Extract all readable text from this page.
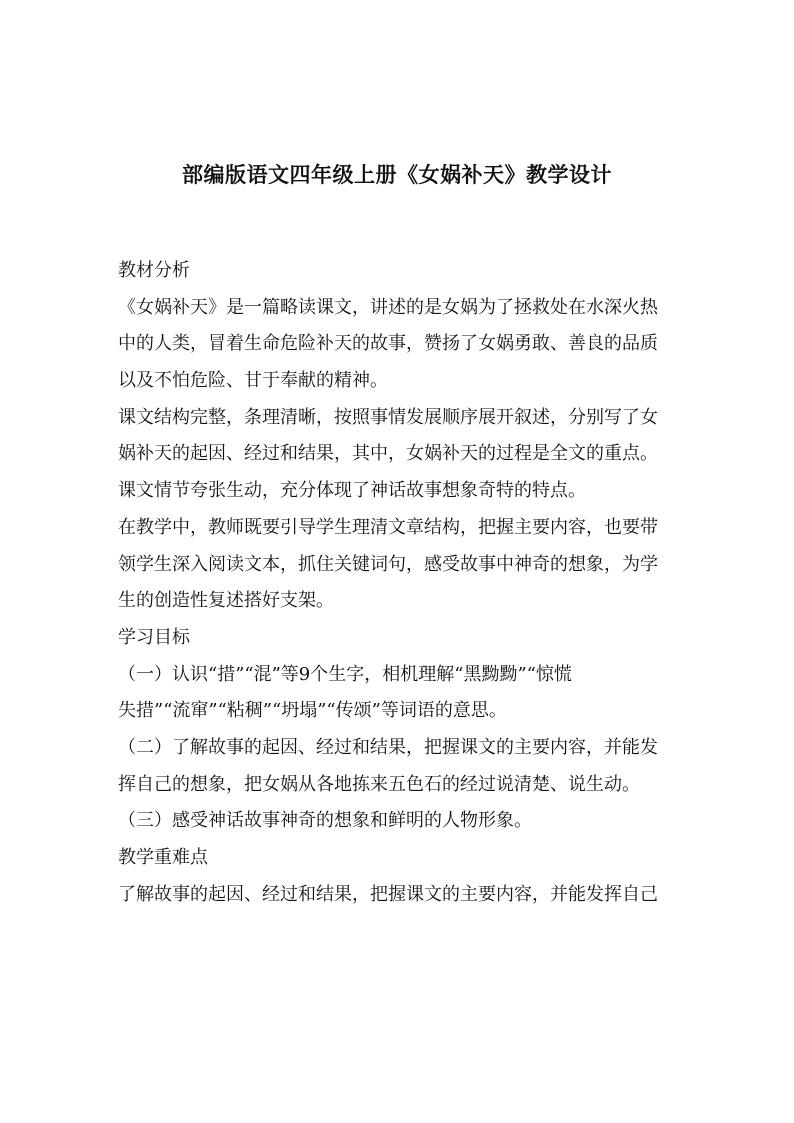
部编版语文四年级上册《女娲补天》教学设计
教材分析
《女娲补天》是一篇略读课文，讲述的是女娲为了拯救处在水深火热
中的人类，冒着生命危险补天的故事，赞扬了女娲勇敢、善良的品质
以及不怕危险、甘于奉献的精神。
课文结构完整，条理清晰，按照事情发展顺序展开叙述，分别写了女
娲补天的起因、经过和结果，其中，女娲补天的过程是全文的重点。
课文情节夸张生动，充分体现了神话故事想象奇特的特点。
在教学中，教师既要引导学生理清文章结构，把握主要内容，也要带
领学生深入阅读文本，抓住关键词句，感受故事中神奇的想象，为学
生的创造性复述搭好支架。
学习目标
（一）认识“措”“混”等9个生字，相机理解“黑黝黝”“惊慌
失措”“流窜”“粘稠”“坍塌”“传颂”等词语的意思。
（二）了解故事的起因、经过和结果，把握课文的主要内容，并能发
挥自己的想象，把女娲从各地拣来五色石的经过说清楚、说生动。
（三）感受神话故事神奇的想象和鲜明的人物形象。
教学重难点
了解故事的起因、经过和结果，把握课文的主要内容，并能发挥自己
